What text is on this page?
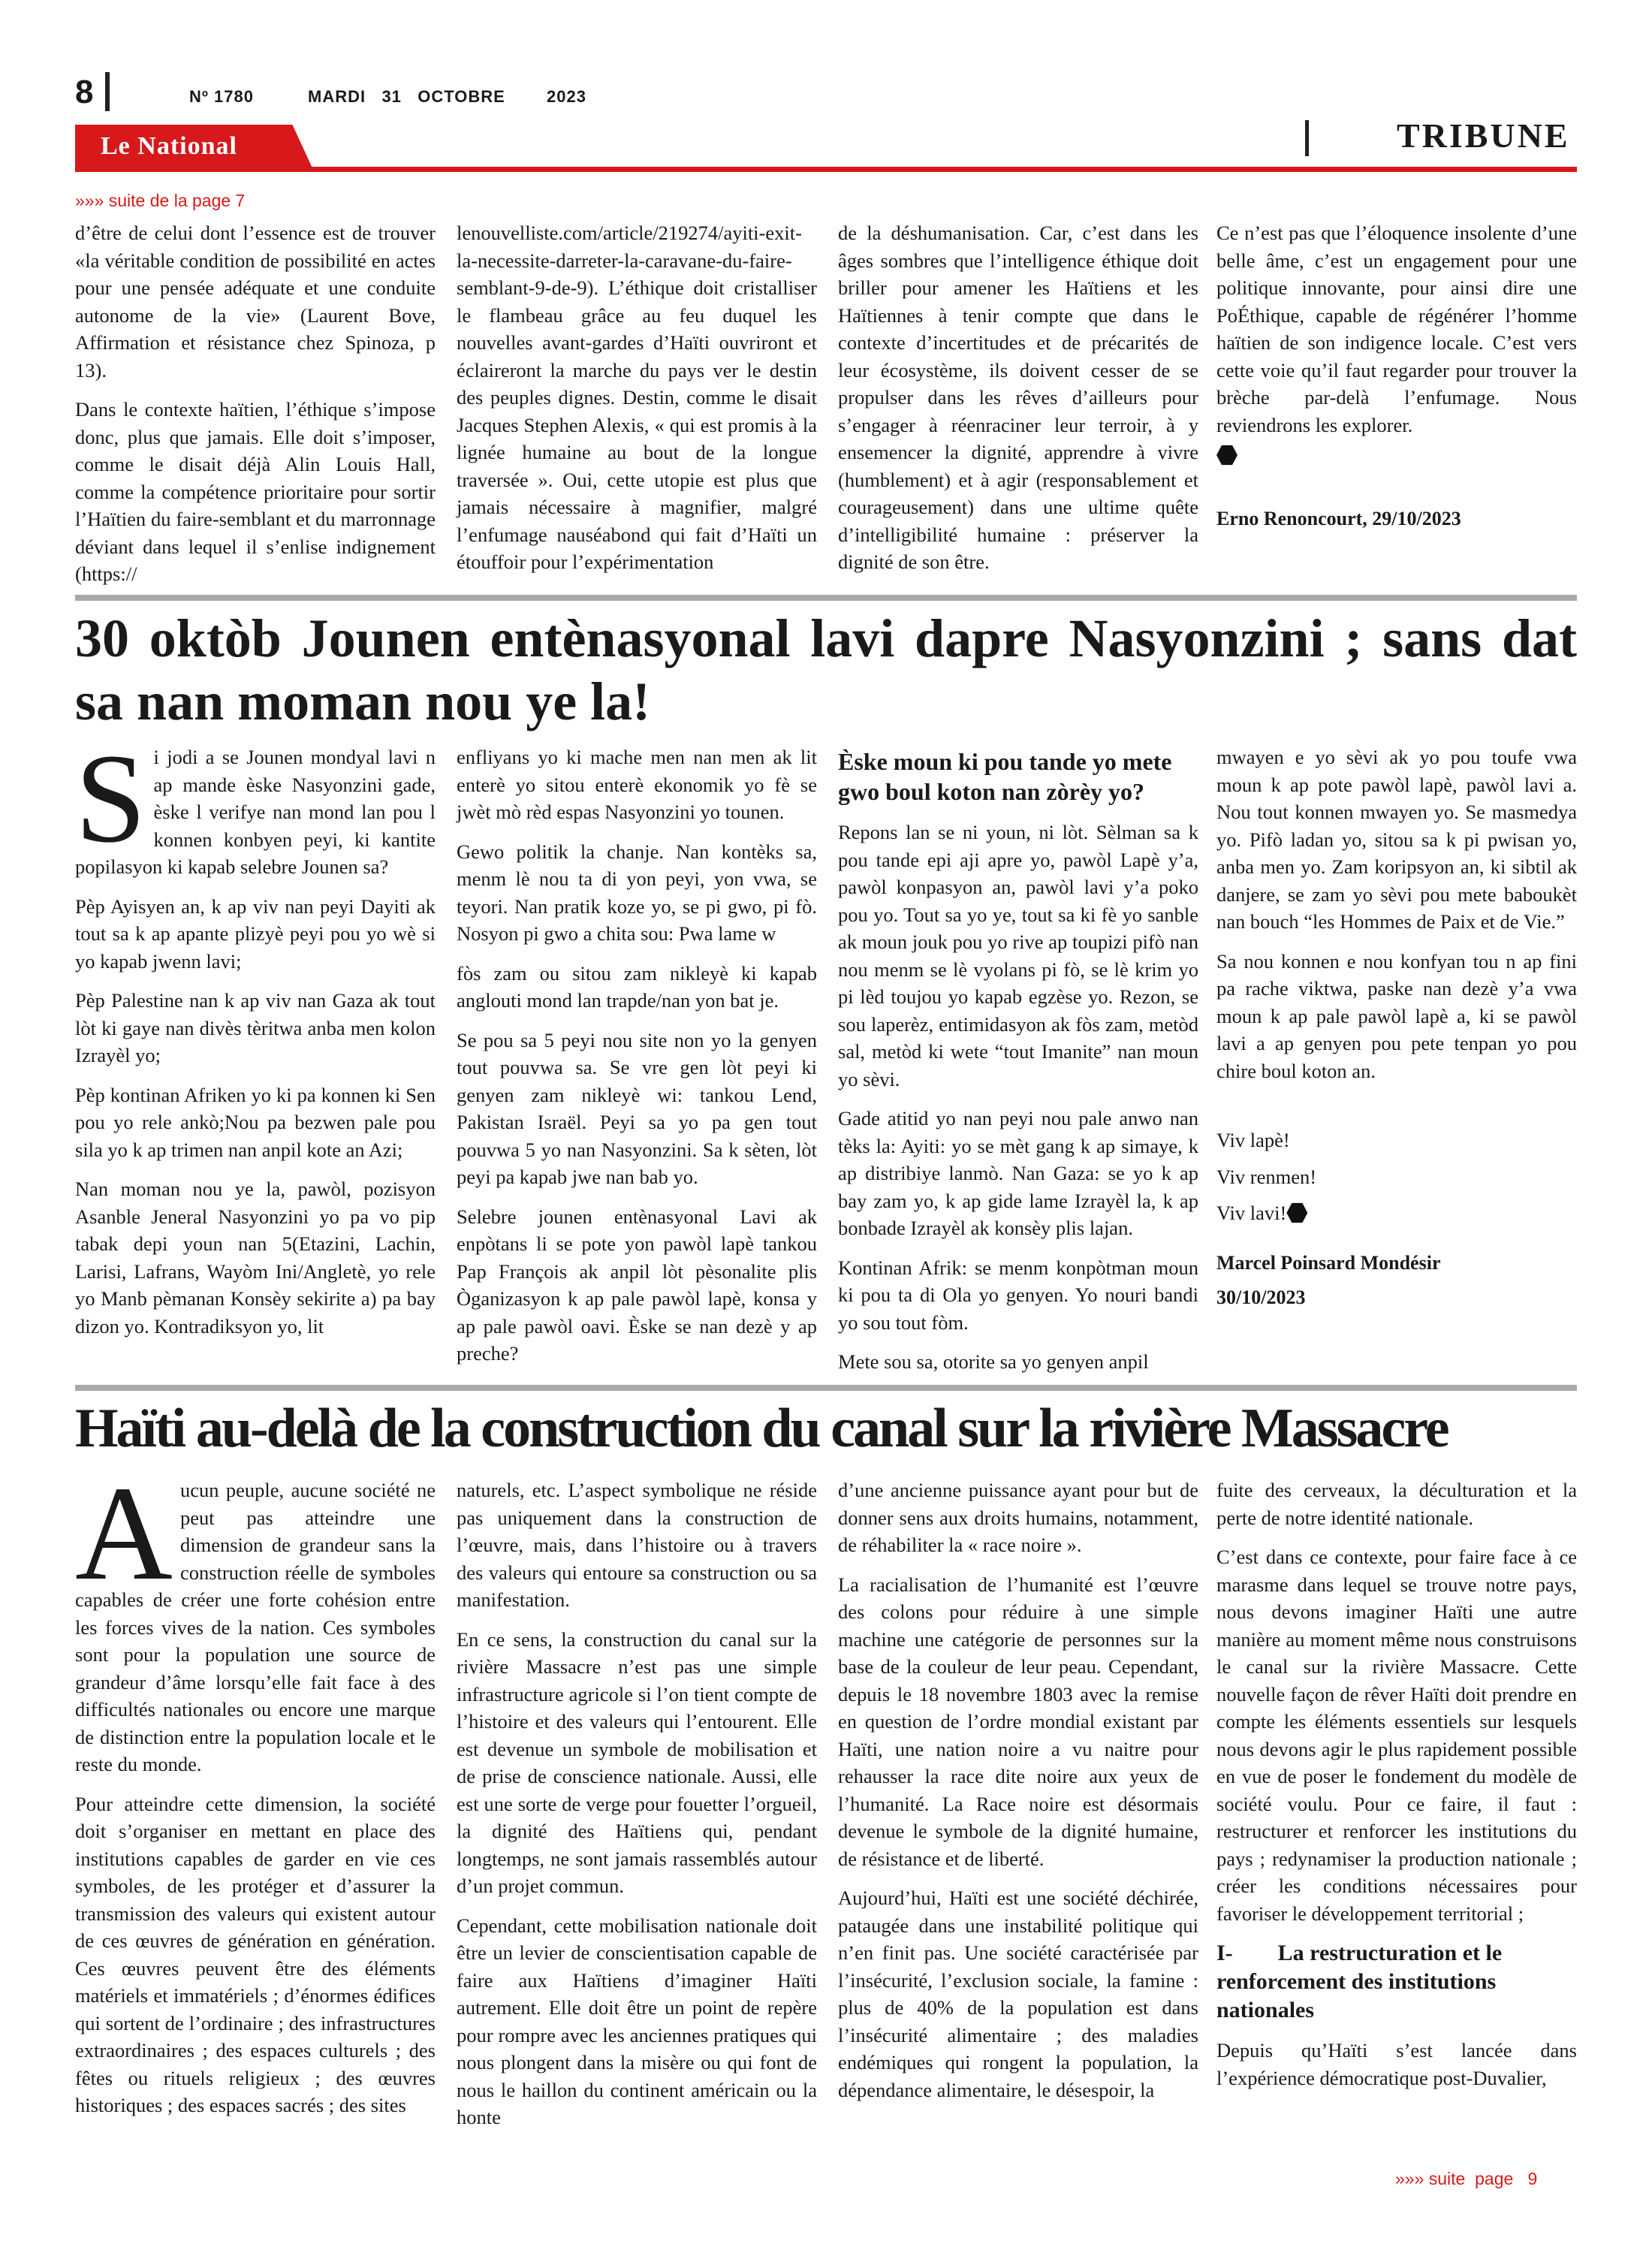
8	Nº 1780	MARDI   31   OCTOBRE	2023
Le National	TRIBUNE
»»» suite de la page 7

d’être de celui dont l’essence est de trouver «la véritable condition de possibilité en actes pour une pensée adéquate et une conduite autonome de la vie» (Laurent Bove, Affirmation et résistance chez Spinoza, p 13).

Dans le contexte haïtien, l’éthique s’impose donc, plus que jamais. Elle doit s’imposer, comme le disait déjà Alin Louis Hall, comme la compétence prioritaire pour sortir l’Haïtien du faire-semblant et du marronnage déviant dans lequel il s’enlise indignement (https://

lenouvelliste.com/article/219274/ayiti-exit-la-necessite-darreter-la-caravane-du-faire-semblant-9-de-9). L’éthique doit cristalliser le flambeau grâce au feu duquel les nouvelles avant-gardes d’Haïti ouvriront et éclaireront la marche du pays ver le destin des peuples dignes. Destin, comme le disait Jacques Stephen Alexis, « qui est promis à la lignée humaine au bout de la longue traversée ». Oui, cette utopie est plus que jamais nécessaire à magnifier, malgré l’enfumage nauséabond qui fait d’Haïti un étouffoir pour l’expérimentation

de la déshumanisation. Car, c’est dans les âges sombres que l’intelligence éthique doit briller pour amener les Haïtiens et les Haïtiennes à tenir compte que dans le contexte d’incertitudes et de précarités de leur écosystème, ils doivent cesser de se propulser dans les rêves d’ailleurs pour s’engager à réenraciner leur terroir, à y ensemencer la dignité, apprendre à vivre (humblement) et à agir (responsablement et courageusement) dans une ultime quête d’intelligibilité humaine : préserver la dignité de son être.

Ce n’est pas que l’éloquence insolente d’une belle âme, c’est un engagement pour une politique innovante, pour ainsi dire une PoÉthique, capable de régénérer l’homme haïtien de son indigence locale. C’est vers cette voie qu’il faut regarder pour trouver la brèche par-delà l’enfumage. Nous reviendrons les explorer.

Erno Renoncourt, 29/10/2023

30 oktòb Jounen entènasyonal lavi dapre Nasyonzini ; sans dat sa nan moman nou ye la!

Si jodi a se Jounen mondyal lavi n ap mande èske Nasyonzini gade, èske l verifye nan mond lan pou l konnen konbyen peyi, ki kantite popilasyon ki kapab selebre Jounen sa?

Pèp Ayisyen an, k ap viv nan peyi Dayiti ak tout sa k ap apante plizyè peyi pou yo wè si yo kapab jwenn lavi;

Pèp Palestine nan k ap viv nan Gaza ak tout lòt ki gaye nan divès tèritwa anba men kolon Izrayèl yo;

Pèp kontinan Afriken yo ki pa konnen ki Sen pou yo rele ankò;Nou pa bezwen pale pou sila yo k ap trimen nan anpil kote an Azi;

Nan moman nou ye la, pawòl, pozisyon Asanble Jeneral Nasyonzini yo pa vo pip tabak depi youn nan 5(Etazini, Lachin, Larisi, Lafrans, Wayòm Ini/Angletè, yo rele yo Manb pèmanan Konsèy sekirite a) pa bay dizon yo. Kontradiksyon yo, lit

enfliyans yo ki mache men nan men ak lit enterè yo sitou enterè ekonomik yo fè se jwèt mò rèd espas Nasyonzini yo tounen.

Gewo politik la chanje. Nan kontèks sa, menm lè nou ta di yon peyi, yon vwa, se teyori. Nan pratik koze yo, se pi gwo, pi fò. Nosyon pi gwo a chita sou: Pwa lame w

fòs zam ou sitou zam nikleyè ki kapab anglouti mond lan trapde/nan yon bat je.

Se pou sa 5 peyi nou site non yo la genyen tout pouvwa sa. Se vre gen lòt peyi ki genyen zam nikleyè wi: tankou Lend, Pakistan Israël. Peyi sa yo pa gen tout pouvwa 5 yo nan Nasyonzini. Sa k sèten, lòt peyi pa kapab jwe nan bab yo.

Selebre jounen entènasyonal Lavi ak enpòtans li se pote yon pawòl lapè tankou Pap François ak anpil lòt pèsonalite plis Òganizasyon k ap pale pawòl lapè, konsa y ap pale pawòl oavi. Èske se nan dezè y ap preche?

Èske moun ki pou tande yo mete gwo boul koton nan zòrèy yo?

Repons lan se ni youn, ni lòt. Sèlman sa k pou tande epi aji apre yo, pawòl Lapè y’a, pawòl konpasyon an, pawòl lavi y’a poko pou yo. Tout sa yo ye, tout sa ki fè yo sanble ak moun jouk pou yo rive ap toupizi pifò nan nou menm se lè vyolans pi fò, se lè krim yo pi lèd toujou yo kapab egzèse yo. Rezon, se sou laperèz, entimidasyon ak fòs zam, metòd sal, metòd ki wete “tout Imanite” nan moun yo sèvi.

Gade atitid yo nan peyi nou pale anwo nan tèks la: Ayiti: yo se mèt gang k ap simaye, k ap distribiye lanmò. Nan Gaza: se yo k ap bay zam yo, k ap gide lame Izrayèl la, k ap bonbade Izrayèl ak konsèy plis lajan.

Kontinan Afrik: se menm konpòtman moun ki pou ta di Ola yo genyen. Yo nouri bandi yo sou tout fòm.

Mete sou sa, otorite sa yo genyen anpil

mwayen e yo sèvi ak yo pou toufe vwa moun k ap pote pawòl lapè, pawòl lavi a. Nou tout konnen mwayen yo. Se masmedya yo. Pifò ladan yo, sitou sa k pi pwisan yo, anba men yo. Zam koripsyon an, ki sibtil ak danjere, se zam yo sèvi pou mete baboukèt nan bouch “les Hommes de Paix et de Vie.”

Sa nou konnen e nou konfyan tou n ap fini pa rache viktwa, paske nan dezè y’a vwa moun k ap pale pawòl lapè a, ki se pawòl lavi a ap genyen pou pete tenpan yo pou chire boul koton an.

Viv lapè!

Viv renmen!

Viv lavi!

Marcel Poinsard Mondésir

30/10/2023

Haïti au-delà de la construction du canal sur la rivière Massacre

Aucun peuple, aucune société ne peut pas atteindre une dimension de grandeur sans la construction réelle de symboles capables de créer une forte cohésion entre les forces vives de la nation. Ces symboles sont pour la population une source de grandeur d’âme lorsqu’elle fait face à des difficultés nationales ou encore une marque de distinction entre la population locale et le reste du monde.

Pour atteindre cette dimension, la société doit s’organiser en mettant en place des institutions capables de garder en vie ces symboles, de les protéger et d’assurer la transmission des valeurs qui existent autour de ces œuvres de génération en génération. Ces œuvres peuvent être des éléments matériels et immatériels ; d’énormes édifices qui sortent de l’ordinaire ; des infrastructures extraordinaires ; des espaces culturels ; des fêtes ou rituels religieux ; des œuvres historiques ; des espaces sacrés ; des sites

naturels, etc. L’aspect symbolique ne réside pas uniquement dans la construction de l’œuvre, mais, dans l’histoire ou à travers des valeurs qui entoure sa construction ou sa manifestation.

En ce sens, la construction du canal sur la rivière Massacre n’est pas une simple infrastructure agricole si l’on tient compte de l’histoire et des valeurs qui l’entourent. Elle est devenue un symbole de mobilisation et de prise de conscience nationale. Aussi, elle est une sorte de verge pour fouetter l’orgueil, la dignité des Haïtiens qui, pendant longtemps, ne sont jamais rassemblés autour d’un projet commun.

Cependant, cette mobilisation nationale doit être un levier de conscientisation capable de faire aux Haïtiens d’imaginer Haïti autrement. Elle doit être un point de repère pour rompre avec les anciennes pratiques qui nous plongent dans la misère ou qui font de nous le haillon du continent américain ou la honte

d’une ancienne puissance ayant pour but de donner sens aux droits humains, notamment, de réhabiliter la « race noire ».

La racialisation de l’humanité est l’œuvre des colons pour réduire à une simple machine une catégorie de personnes sur la base de la couleur de leur peau. Cependant, depuis le 18 novembre 1803 avec la remise en question de l’ordre mondial existant par Haïti, une nation noire a vu naitre pour rehausser la race dite noire aux yeux de l’humanité. La Race noire est désormais devenue le symbole de la dignité humaine, de résistance et de liberté.

Aujourd’hui, Haïti est une société déchirée, pataugée dans une instabilité politique qui n’en finit pas. Une société caractérisée par l’insécurité, l’exclusion sociale, la famine : plus de 40% de la population est dans l’insécurité alimentaire ; des maladies endémiques qui rongent la population, la dépendance alimentaire, le désespoir, la

fuite des cerveaux, la déculturation et la perte de notre identité nationale.

C’est dans ce contexte, pour faire face à ce marasme dans lequel se trouve notre pays, nous devons imaginer Haïti une autre manière au moment même nous construisons le canal sur la rivière Massacre. Cette nouvelle façon de rêver Haïti doit prendre en compte les éléments essentiels sur lesquels nous devons agir le plus rapidement possible en vue de poser le fondement du modèle de société voulu. Pour ce faire, il faut : restructurer et renforcer les institutions du pays ; redynamiser la production nationale ; créer les conditions nécessaires pour favoriser le développement territorial ;

I-        La restructuration et le renforcement des institutions nationales

Depuis qu’Haïti s’est lancée dans l’expérience démocratique post-Duvalier,

»»» suite  page   9
